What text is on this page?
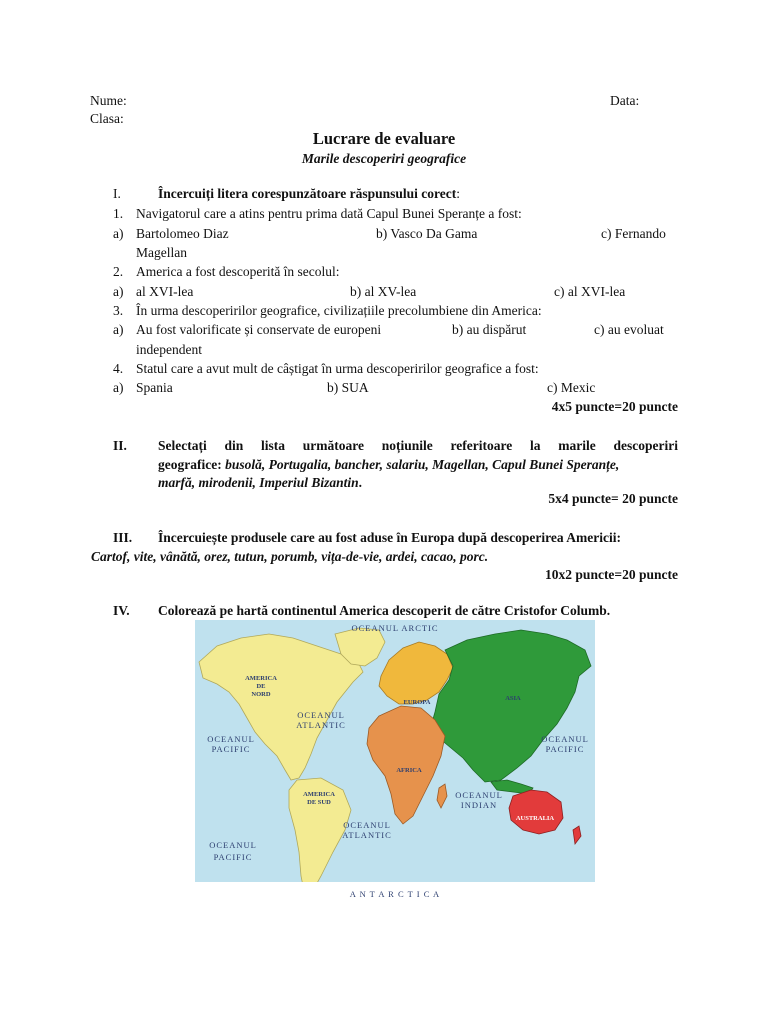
Nume:	Data:
Clasa:
Lucrare de evaluare
Marile descoperiri geografice
I.	Încercuiți litera corespunzătoare răspunsului corect:
1. Navigatorul care a atins pentru prima dată Capul Bunei Speranțe a fost:
a) Bartolomeo Diaz	b) Vasco Da Gama	c) Fernando
Magellan
2. America a fost descoperită în secolul:
a) al XVI-lea	b) al XV-lea	c) al XVI-lea
3. În urma descoperirilor geografice, civilizațiile precolumbiene din America:
a) Au fost valorificate și conservate de europeni	b) au dispărut	c) au evoluat
independent
4. Statul care a avut mult de câștigat în urma descoperirilor geografice a fost:
a) Spania	b) SUA	c) Mexic
4x5 puncte=20 puncte
II. Selectați din lista următoare noțiunile referitoare la marile descoperiri
geografice: busolă, Portugalia, bancher, salariu, Magellan, Capul Bunei Speranțe,
marfă, mirodenii, Imperiul Bizantin.
5x4 puncte= 20 puncte
III. Încercuiește produsele care au fost aduse în Europa după descoperirea Americii:
Cartof, vite, vânătă, orez, tutun, porumb, vița-de-vie, ardei, cacao, porc.
10x2 puncte=20 puncte
IV. Colorează pe hartă continentul America descoperit de către Cristofor Columb.
OCEANUL ARCTIC
OCEANUL
ATLANTIC
OCEANUL
PACIFIC
OCEANUL
PACIFIC
OCEANUL
INDIAN
OCEANUL
ATLANTIC
OCEANUL
PACIFIC
A N T A R C T I C A
AMERICA
DE
NORD
EUROPA
ASIA
AFRICA
AMERICA
DE SUD
AUSTRALIA
